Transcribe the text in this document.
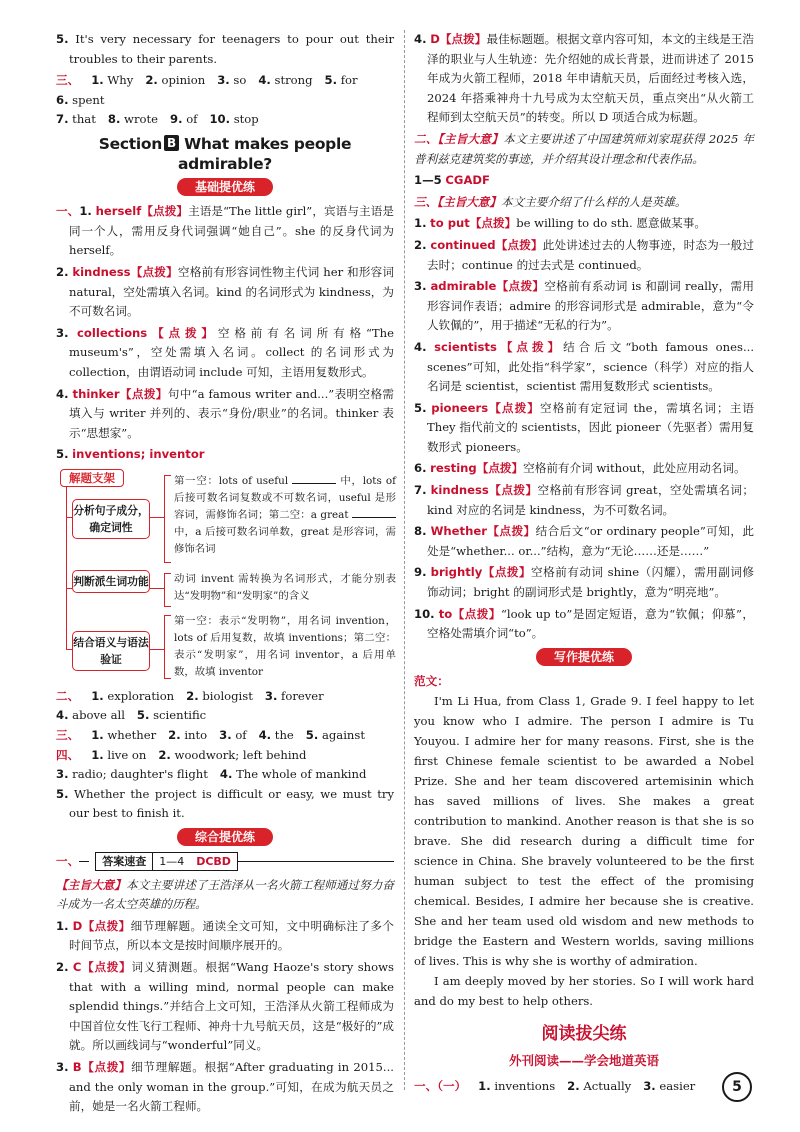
5. It's very necessary for teenagers to pour out their troubles to their parents.

三、 1. Why 2. opinion 3. so 4. strong 5. for
6. spent
7. that 8. wrote 9. of 10. stop
Section B What makes people admirable?
基础提优练

一、1. herself【点拨】主语是“The little girl”，宾语与主语是同一个人，需用反身代词强调“她自己”。she 的反身代词为 herself。

2. kindness【点拨】空格前有形容词性物主代词 her 和形容词 natural，空处需填入名词。kind 的名词形式为 kindness，为不可数名词。

3. collections【点拨】空格前有名词所有格“The museum's”，空处需填入名词。collect 的名词形式为 collection，由谓语动词 include 可知，主语用复数形式。

4. thinker【点拨】句中“a famous writer and...”表明空格需填入与 writer 并列的、表示“身份/职业”的名词。thinker 表示“思想家”。

5. inventions; inventor

解题支架
分析句子成分，确定词性
第一空：lots of useful	中，lots of 后接可数名词复数或不可数名词，useful 是形容词，需修饰名词；第二空：a great  中，a 后接可数名词单数，great 是形容词，需修饰名词
判断派生词功能 动词 invent 需转换为名词形式，才能分别表达“发明物”和“发明家”的含义
结合语义与语法验证
第一空：表示“发明物”，用名词 invention，lots of 后用复数，故填 inventions；第二空：表示“发明家”，用名词 inventor，a 后用单数，故填 inventor
二、 1. exploration 2. biologist 3. forever
4. above all 5. scientific
三、 1. whether 2. into 3. of 4. the 5. against
四、 1. live on 2. woodwork; left behind
3. radio; daughter's flight 4. The whole of mankind

5. Whether the project is difficult or easy, we must try our best to finish it.

综合提优练
一、	答案速查	1—4	DCBD

【主旨大意】本文主要讲述了王浩泽从一名火箭工程师通过努力奋斗成为一名太空英雄的历程。

1. D【点拨】细节理解题。通读全文可知，文中明确标注了多个时间节点，所以本文是按时间顺序展开的。

2. C【点拨】词义猜测题。根据“Wang Haoze's story shows that with a willing mind, normal people can make splendid things.”并结合上文可知，王浩泽从火箭工程师成为中国首位女性飞行工程师、神舟十九号航天员，这是“极好的”成就。所以画线词与“wonderful”同义。

3. B【点拨】细节理解题。根据“After graduating in 2015... and the only woman in the group.”可知，在成为航天员之前，她是一名火箭工程师。

4. D【点拨】最佳标题题。根据文章内容可知，本文的主线是王浩泽的职业与人生轨迹：先介绍她的成长背景，进而讲述了 2015 年成为火箭工程师，2018 年申请航天员，后面经过考核入选，2024 年搭乘神舟十九号成为太空航天员，重点突出“从火箭工程师到太空航天员”的转变。所以 D 项适合成为标题。

二、【主旨大意】本文主要讲述了中国建筑师刘家琨获得 2025 年普利兹克建筑奖的事迹，并介绍其设计理念和代表作品。

1—5 CGADF

三、【主旨大意】本文主要介绍了什么样的人是英雄。

1. to put【点拨】be willing to do sth. 愿意做某事。

2. continued【点拨】此处讲述过去的人物事迹，时态为一般过去时；continue 的过去式是 continued。

3. admirable【点拨】空格前有系动词 is 和副词 really，需用形容词作表语；admire 的形容词形式是 admirable，意为“令人钦佩的”，用于描述“无私的行为”。

4. scientists【点拨】结合后文“both famous ones... scenes”可知，此处指“科学家”，science（科学）对应的指人名词是 scientist，scientist 需用复数形式 scientists。

5. pioneers【点拨】空格前有定冠词 the，需填名词；主语 They 指代前文的 scientists，因此 pioneer（先驱者）需用复数形式 pioneers。

6. resting【点拨】空格前有介词 without，此处应用动名词。

7. kindness【点拨】空格前有形容词 great，空处需填名词；kind 对应的名词是 kindness，为不可数名词。

8. Whether【点拨】结合后文“or ordinary people”可知，此处是“whether... or...”结构，意为“无论……还是……”

9. brightly【点拨】空格前有动词 shine（闪耀），需用副词修饰动词；bright 的副词形式是 brightly，意为“明亮地”。

10. to【点拨】“look up to”是固定短语，意为“钦佩；仰慕”，空格处需填介词“to”。

写作提优练
范文：

I'm Li Hua, from Class 1, Grade 9. I feel happy to let you know who I admire. The person I admire is Tu Youyou. I admire her for many reasons. First, she is the first Chinese female scientist to be awarded a Nobel Prize. She and her team discovered artemisinin which has saved millions of lives. She makes a great contribution to mankind. Another reason is that she is so brave. She did research during a difficult time for science in China. She bravely volunteered to be the first human subject to test the effect of the promising chemical. Besides, I admire her because she is creative. She and her team used old wisdom and new methods to bridge the Eastern and Western worlds, saving millions of lives. This is why she is worthy of admiration.

I am deeply moved by her stories. So I will work hard and do my best to help others.

阅读拔尖练
外刊阅读——学会地道英语
一、（一） 1. inventions 2. Actually 3. easier	5
